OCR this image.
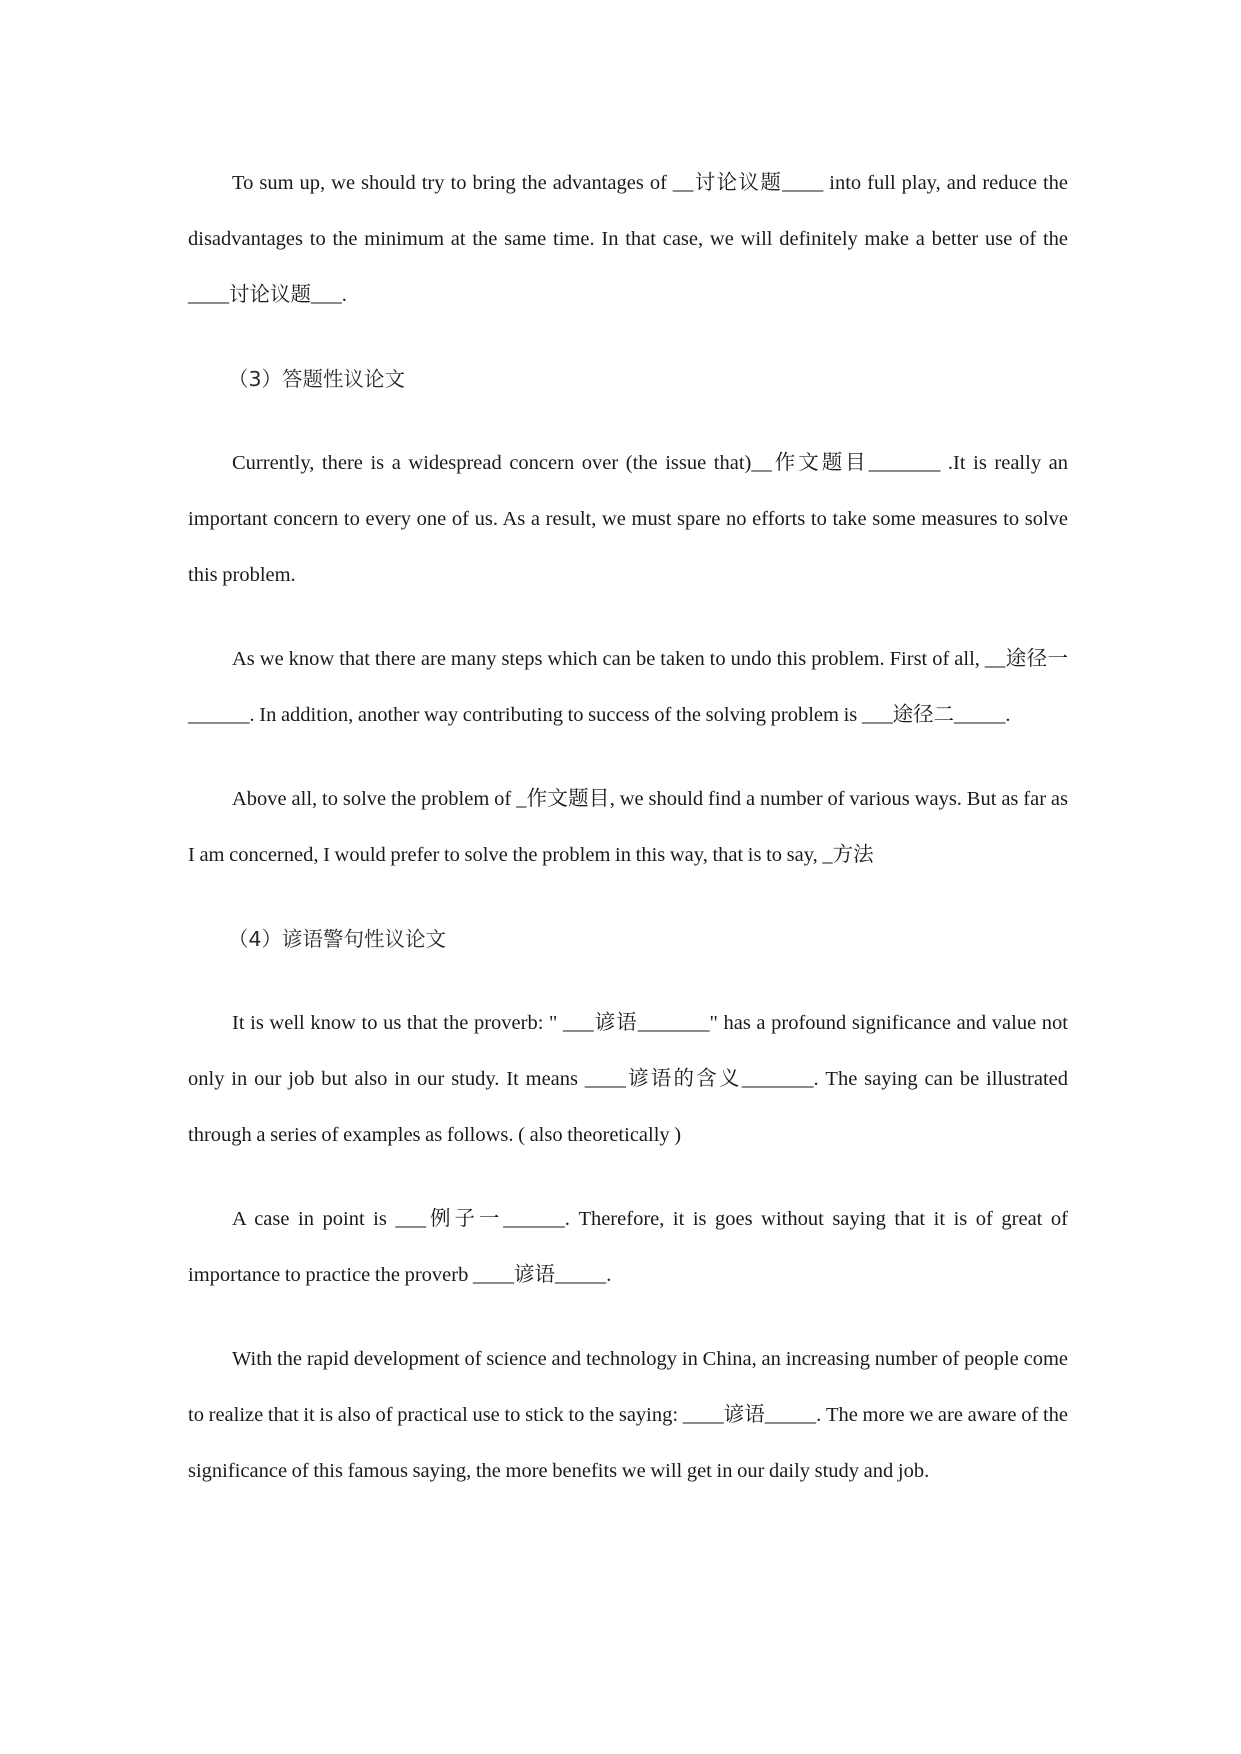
To sum up, we should try to bring the advantages of __讨论议题____ into full play, and reduce the disadvantages to the minimum at the same time. In that case, we will definitely make a better use of the ____讨论议题___.

（3）答题性议论文

Currently, there is a widespread concern over (the issue that)__作文题目_______ .It is really an important concern to every one of us. As a result, we must spare no efforts to take some measures to solve this problem.

As we know that there are many steps which can be taken to undo this problem. First of all, __途径一______. In addition, another way contributing to success of the solving problem is ___途径二_____.

Above all, to solve the problem of _作文题目, we should find a number of various ways. But as far as I am concerned, I would prefer to solve the problem in this way, that is to say, _方法

（4）谚语警句性议论文

It is well know to us that the proverb: " ___谚语_______" has a profound significance and value not only in our job but also in our study. It means ____谚语的含义_______. The saying can be illustrated through a series of examples as follows. ( also theoretically )

A case in point is ___例子一______. Therefore, it is goes without saying that it is of great of importance to practice the proverb ____谚语_____.

With the rapid development of science and technology in China, an increasing number of people come to realize that it is also of practical use to stick to the saying: ____谚语_____. The more we are aware of the significance of this famous saying, the more benefits we will get in our daily study and job.
